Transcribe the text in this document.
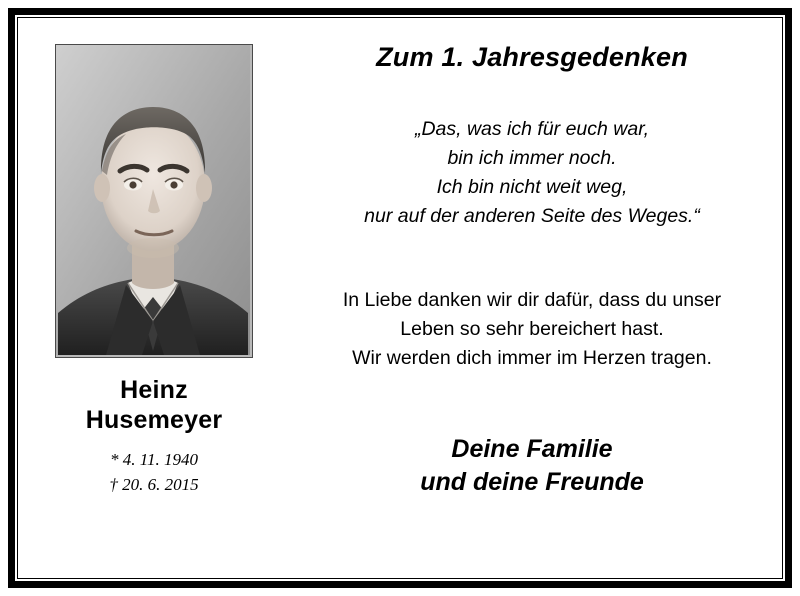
Heinz
Husemeyer
* 4. 11. 1940
† 20. 6. 2015
Zum 1. Jahresgedenken
„Das, was ich für euch war,
bin ich immer noch.
Ich bin nicht weit weg,
nur auf der anderen Seite des Weges.“
In Liebe danken wir dir dafür, dass du unser
Leben so sehr bereichert hast.
Wir werden dich immer im Herzen tragen.
Deine Familie
und deine Freunde
